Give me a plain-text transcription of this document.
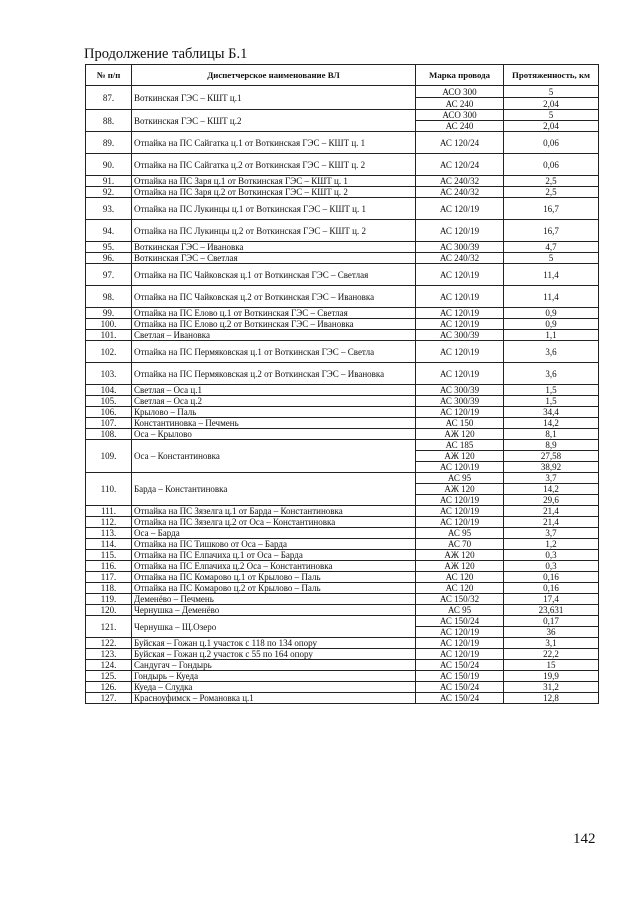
Продолжение таблицы Б.1

№ п/п	Диспетчерское наименование ВЛ	Марка провода	Протяженность, км
87.	Воткинская ГЭС – КШТ ц.1	АСО 300	5
		АС 240	2,04
88.	Воткинская ГЭС – КШТ ц.2	АСО 300	5
		АС 240	2,04
89.	Отпайка на ПС Сайгатка ц.1 от Воткинская ГЭС – КШТ ц. 1	АС 120/24	0,06
90.	Отпайка на ПС Сайгатка ц.2 от Воткинская ГЭС – КШТ ц. 2	АС 120/24	0,06
91.	Отпайка на ПС Заря ц.1 от Воткинская ГЭС – КШТ ц. 1	АС 240/32	2,5
92.	Отпайка на ПС Заря ц.2 от Воткинская ГЭС – КШТ ц. 2	АС 240/32	2,5
93.	Отпайка на ПС Лукинцы ц.1 от Воткинская ГЭС – КШТ ц. 1	АС 120/19	16,7
94.	Отпайка на ПС Лукинцы ц.2 от Воткинская ГЭС – КШТ ц. 2	АС 120/19	16,7
95.	Воткинская ГЭС – Ивановка	АС 300/39	4,7
96.	Воткинская ГЭС – Светлая	АС 240/32	5
97.	Отпайка на ПС Чайковская ц.1 от Воткинская ГЭС – Светлая	АС 120\19	11,4
98.	Отпайка на ПС Чайковская ц.2 от Воткинская ГЭС – Ивановка	АС 120\19	11,4
99.	Отпайка на ПС Елово ц.1 от Воткинская ГЭС – Светлая	АС 120\19	0,9
100.	Отпайка на ПС Елово ц.2 от Воткинская ГЭС – Ивановка	АС 120\19	0,9
101.	Светлая – Ивановка	АС 300/39	1,1
102.	Отпайка на ПС Пермяковская ц.1 от Воткинская ГЭС – Светла	АС 120\19	3,6
103.	Отпайка на ПС Пермяковская ц.2 от Воткинская ГЭС – Ивановка	АС 120\19	3,6
104.	Светлая – Оса ц.1	АС 300/39	1,5
105.	Светлая – Оса ц.2	АС 300/39	1,5
106.	Крылово – Паль	АС 120/19	34,4
107.	Константиновка – Печмень	АС 150	14,2
108.	Оса – Крылово	АЖ 120	8,1
109.	Оса – Константиновка	АС 185	8,9
		АЖ 120	27,58
		АС 120\19	38,92
110.	Барда – Константиновка	АС 95	3,7
		АЖ 120	14,2
		АС 120/19	29,6
111.	Отпайка на ПС Зязелга ц.1 от Барда – Константиновка	АС 120/19	21,4
112.	Отпайка на ПС Зязелга ц.2 от Оса – Константиновка	АС 120/19	21,4
113.	Оса – Барда	АС 95	3,7
114.	Отпайка на ПС Тишково от Оса – Барда	АС 70	1,2
115.	Отпайка на ПС Елпачиха ц.1 от Оса – Барда	АЖ 120	0,3
116.	Отпайка на ПС Елпачиха ц.2 Оса – Константиновка	АЖ 120	0,3
117.	Отпайка на ПС Комарово ц.1 от Крылово – Паль	АС 120	0,16
118.	Отпайка на ПС Комарово ц.2 от Крылово – Паль	АС 120	0,16
119.	Деменёво – Печмень	АС 150/32	17,4
120.	Чернушка – Деменёво	АС 95	23,631
121.	Чернушка – Щ.Озеро	АС 150/24	0,17
		АС 120/19	36
122.	Буйская – Гожан ц.1 участок с 118 по 134 опору	АС 120/19	3,1
123.	Буйская – Гожан ц.2 участок с 55 по 164 опору	АС 120/19	22,2
124.	Сандугач – Гондырь	АС 150/24	15
125.	Гондырь – Куеда	АС 150/19	19,9
126.	Куеда – Слудка	АС 150/24	31,2
127.	Красноуфимск – Романовка ц.1	АС 150/24	12,8
142
